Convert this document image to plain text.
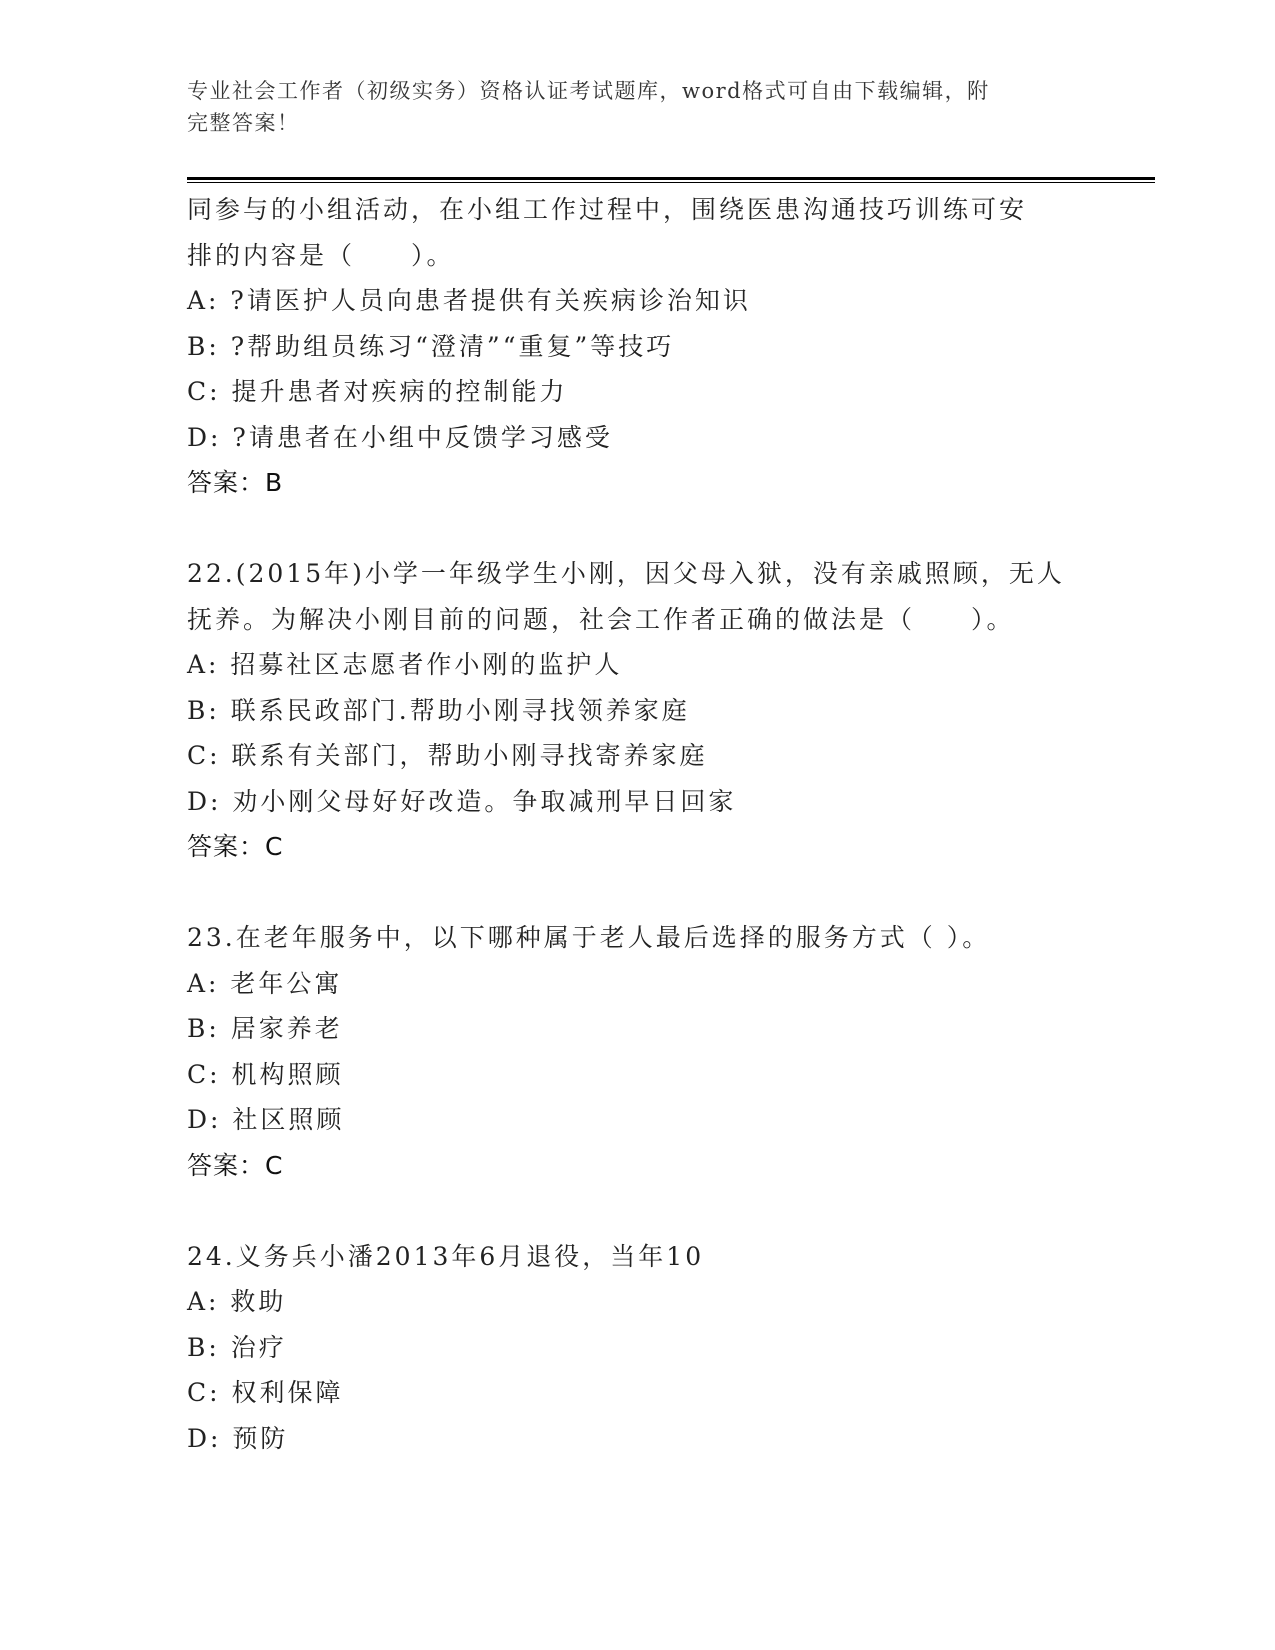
专业社会工作者（初级实务）资格认证考试题库，word格式可自由下载编辑，附
完整答案！
同参与的小组活动，在小组工作过程中，围绕医患沟通技巧训练可安
排的内容是（　　）。
A: ?请医护人员向患者提供有关疾病诊治知识
B: ?帮助组员练习“澄清”“重复”等技巧
C: 提升患者对疾病的控制能力
D: ?请患者在小组中反馈学习感受
答案：B
22.(2015年)小学一年级学生小刚，因父母入狱，没有亲戚照顾，无人
抚养。为解决小刚目前的问题，社会工作者正确的做法是（　　）。
A: 招募社区志愿者作小刚的监护人
B: 联系民政部门.帮助小刚寻找领养家庭
C: 联系有关部门，帮助小刚寻找寄养家庭
D: 劝小刚父母好好改造。争取减刑早日回家
答案：C
23.在老年服务中，以下哪种属于老人最后选择的服务方式（ ）。
A: 老年公寓
B: 居家养老
C: 机构照顾
D: 社区照顾
答案：C
24.义务兵小潘2013年6月退役，当年10
A: 救助
B: 治疗
C: 权利保障
D: 预防
